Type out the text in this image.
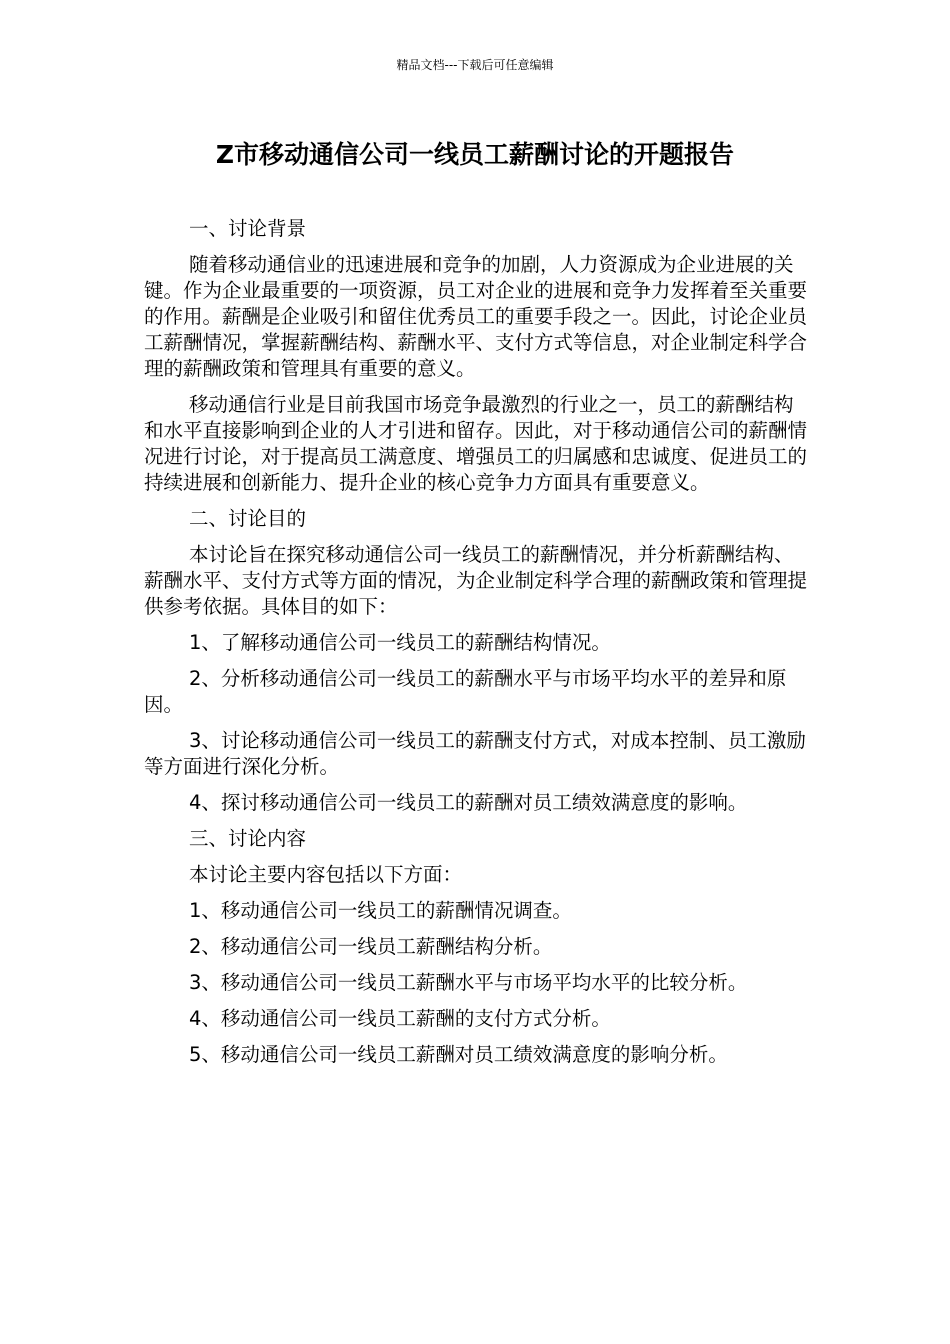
精品文档---下载后可任意编辑
Z市移动通信公司一线员工薪酬讨论的开题报告

一、讨论背景

随着移动通信业的迅速进展和竞争的加剧，人力资源成为企业进展的关键。作为企业最重要的一项资源，员工对企业的进展和竞争力发挥着至关重要的作用。薪酬是企业吸引和留住优秀员工的重要手段之一。因此，讨论企业员工薪酬情况，掌握薪酬结构、薪酬水平、支付方式等信息，对企业制定科学合理的薪酬政策和管理具有重要的意义。

移动通信行业是目前我国市场竞争最激烈的行业之一，员工的薪酬结构和水平直接影响到企业的人才引进和留存。因此，对于移动通信公司的薪酬情况进行讨论，对于提高员工满意度、增强员工的归属感和忠诚度、促进员工的持续进展和创新能力、提升企业的核心竞争力方面具有重要意义。

二、讨论目的

本讨论旨在探究移动通信公司一线员工的薪酬情况，并分析薪酬结构、薪酬水平、支付方式等方面的情况，为企业制定科学合理的薪酬政策和管理提供参考依据。具体目的如下：

1、了解移动通信公司一线员工的薪酬结构情况。

2、分析移动通信公司一线员工的薪酬水平与市场平均水平的差异和原因。

3、讨论移动通信公司一线员工的薪酬支付方式，对成本控制、员工激励等方面进行深化分析。

4、探讨移动通信公司一线员工的薪酬对员工绩效满意度的影响。

三、讨论内容

本讨论主要内容包括以下方面：

1、移动通信公司一线员工的薪酬情况调查。

2、移动通信公司一线员工薪酬结构分析。

3、移动通信公司一线员工薪酬水平与市场平均水平的比较分析。

4、移动通信公司一线员工薪酬的支付方式分析。

5、移动通信公司一线员工薪酬对员工绩效满意度的影响分析。
